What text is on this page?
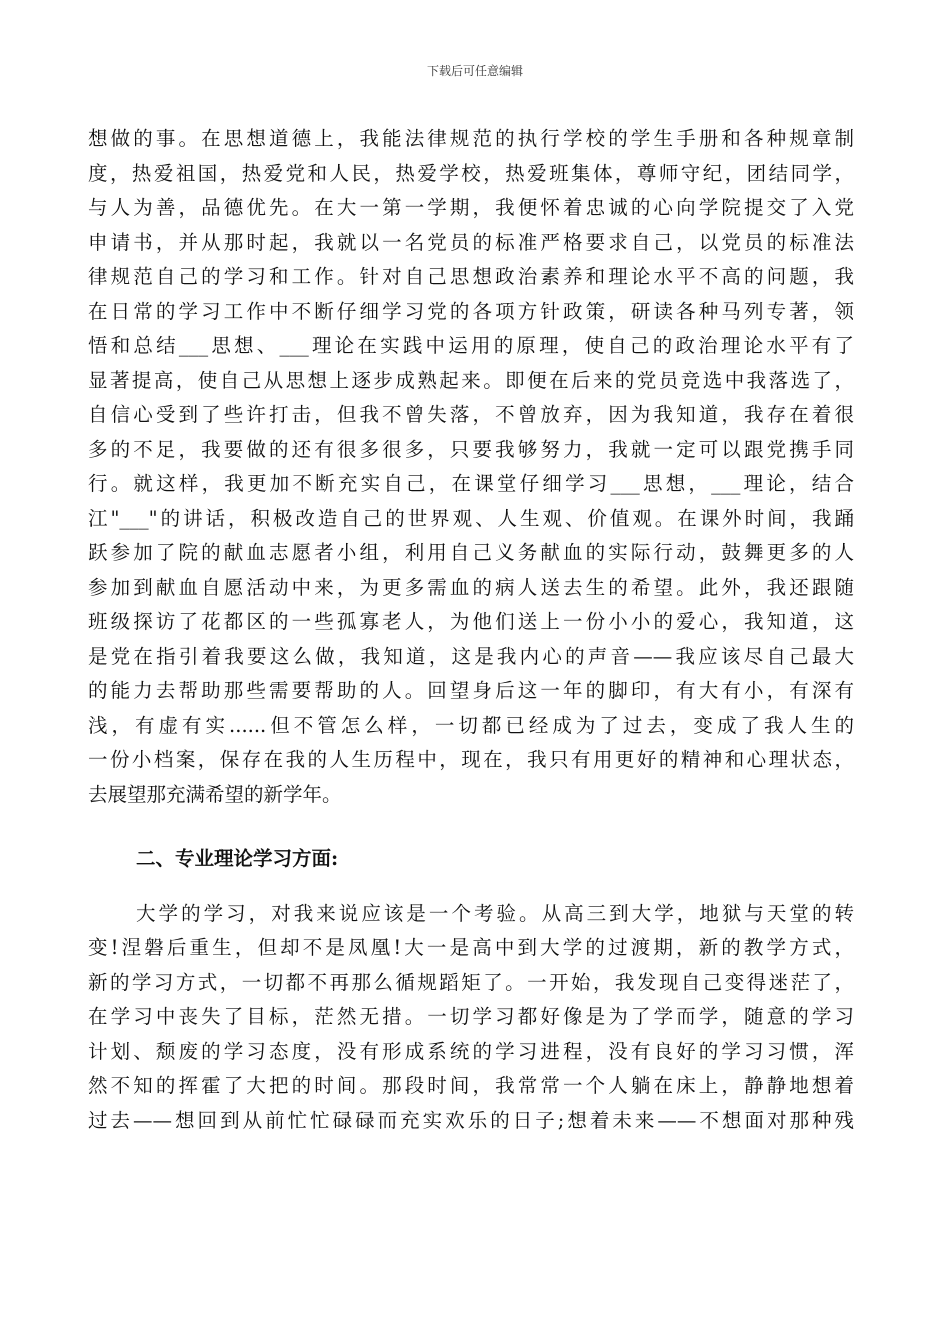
下载后可任意编辑
想做的事。在思想道德上，我能法律规范的执行学校的学生手册和各种规章制
度，热爱祖国，热爱党和人民，热爱学校，热爱班集体，尊师守纪，团结同学，
与人为善，品德优先。在大一第一学期，我便怀着忠诚的心向学院提交了入党
申请书，并从那时起，我就以一名党员的标准严格要求自己，以党员的标准法
律规范自己的学习和工作。针对自己思想政治素养和理论水平不高的问题，我
在日常的学习工作中不断仔细学习党的各项方针政策，研读各种马列专著，领
悟和总结___思想、___理论在实践中运用的原理，使自己的政治理论水平有了
显著提高，使自己从思想上逐步成熟起来。即便在后来的党员竞选中我落选了，
自信心受到了些许打击，但我不曾失落，不曾放弃，因为我知道，我存在着很
多的不足，我要做的还有很多很多，只要我够努力，我就一定可以跟党携手同
行。就这样，我更加不断充实自己，在课堂仔细学习___思想，___理论，结合
江"___"的讲话，积极改造自己的世界观、人生观、价值观。在课外时间，我踊
跃参加了院的献血志愿者小组，利用自己义务献血的实际行动，鼓舞更多的人
参加到献血自愿活动中来，为更多需血的病人送去生的希望。此外，我还跟随
班级探访了花都区的一些孤寡老人，为他们送上一份小小的爱心，我知道，这
是党在指引着我要这么做，我知道，这是我内心的声音——我应该尽自己最大
的能力去帮助那些需要帮助的人。回望身后这一年的脚印，有大有小，有深有
浅，有虚有实......但不管怎么样，一切都已经成为了过去，变成了我人生的
一份小档案，保存在我的人生历程中，现在，我只有用更好的精神和心理状态，
去展望那充满希望的新学年。
二、专业理论学习方面:
大学的学习，对我来说应该是一个考验。从高三到大学，地狱与天堂的转
变!涅磐后重生，但却不是凤凰!大一是高中到大学的过渡期，新的教学方式，
新的学习方式，一切都不再那么循规蹈矩了。一开始，我发现自己变得迷茫了，
在学习中丧失了目标，茫然无措。一切学习都好像是为了学而学，随意的学习
计划、颓废的学习态度，没有形成系统的学习进程，没有良好的学习习惯，浑
然不知的挥霍了大把的时间。那段时间，我常常一个人躺在床上，静静地想着
过去——想回到从前忙忙碌碌而充实欢乐的日子;想着未来——不想面对那种残
